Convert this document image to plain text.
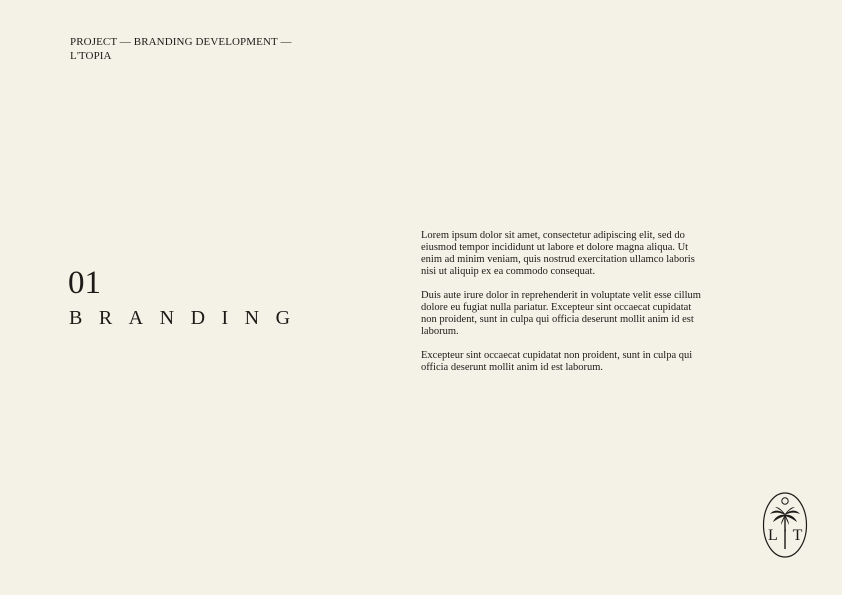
PROJECT — BRANDING DEVELOPMENT —
L'TOPIA
01
BRANDING

Lorem ipsum dolor sit amet, consectetur adipiscing elit, sed do eiusmod tempor incididunt ut labore et dolore magna aliqua. Ut enim ad minim veniam, quis nostrud exercitation ullamco laboris nisi ut aliquip ex ea commodo consequat.

Duis aute irure dolor in reprehenderit in voluptate velit esse cillum dolore eu fugiat nulla pariatur. Excepteur sint occaecat cupidatat non proident, sunt in culpa qui officia deserunt mollit anim id est laborum.

Excepteur sint occaecat cupidatat non proident, sunt in culpa qui officia deserunt mollit anim id est laborum.

L'T
